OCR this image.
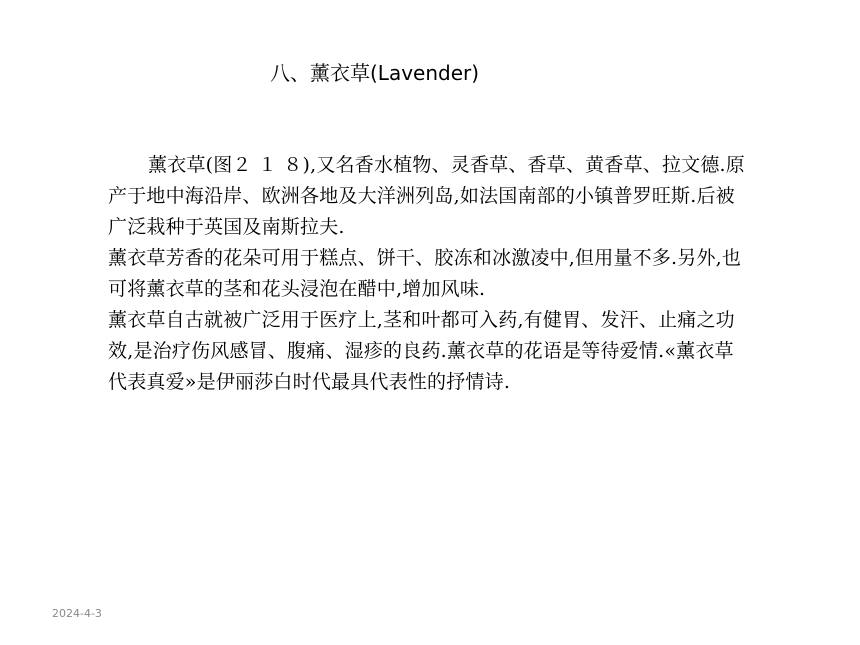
八、薰衣草(Lavender)

薰衣草(图２ １ ８),又名香水植物、灵香草、香草、黄香草、拉文德.原产于地中海沿岸、欧洲各地及大洋洲列岛,如法国南部的小镇普罗旺斯.后被广泛栽种于英国及南斯拉夫.

薰衣草芳香的花朵可用于糕点、饼干、胶冻和冰激凌中,但用量不多.另外,也可将薰衣草的茎和花头浸泡在醋中,增加风味.

薰衣草自古就被广泛用于医疗上,茎和叶都可入药,有健胃、发汗、止痛之功效,是治疗伤风感冒、腹痛、湿疹的良药.薰衣草的花语是等待爱情.«薰衣草代表真爱»是伊丽莎白时代最具代表性的抒情诗.

2024-4-3
